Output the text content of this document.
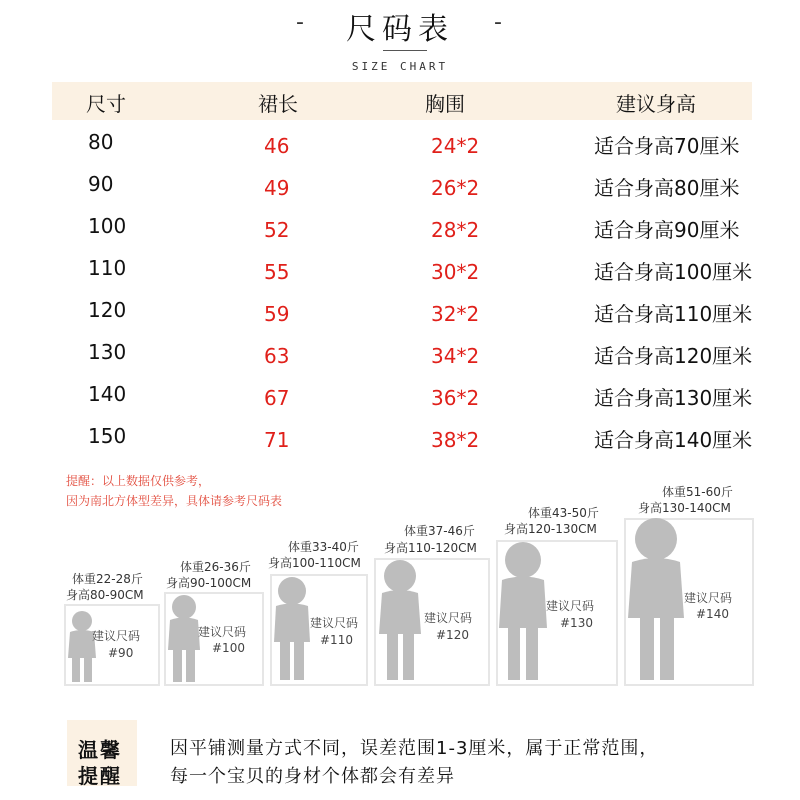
-	尺码表	-
SIZE CHART
尺寸	裙长	胸围	建议身高
80	46	24*2	适合身高70厘米
90	49	26*2	适合身高80厘米
100	52	28*2	适合身高90厘米
110	55	30*2	适合身高100厘米
120	59	32*2	适合身高110厘米
130	63	34*2	适合身高120厘米
140	67	36*2	适合身高130厘米
150	71	38*2	适合身高140厘米
提醒：以上数据仅供参考，
因为南北方体型差异，具体请参考尺码表
体重22-28斤
身高80-90CM
建议尺码
#90
体重26-36斤
身高90-100CM
建议尺码
#100
体重33-40斤
身高100-110CM
建议尺码
#110
体重37-46斤
身高110-120CM
建议尺码
#120
体重43-50斤
身高120-130CM
建议尺码
#130
体重51-60斤
身高130-140CM
建议尺码
#140
温馨
提醒
因平铺测量方式不同，误差范围1-3厘米，属于正常范围，
每一个宝贝的身材个体都会有差异
